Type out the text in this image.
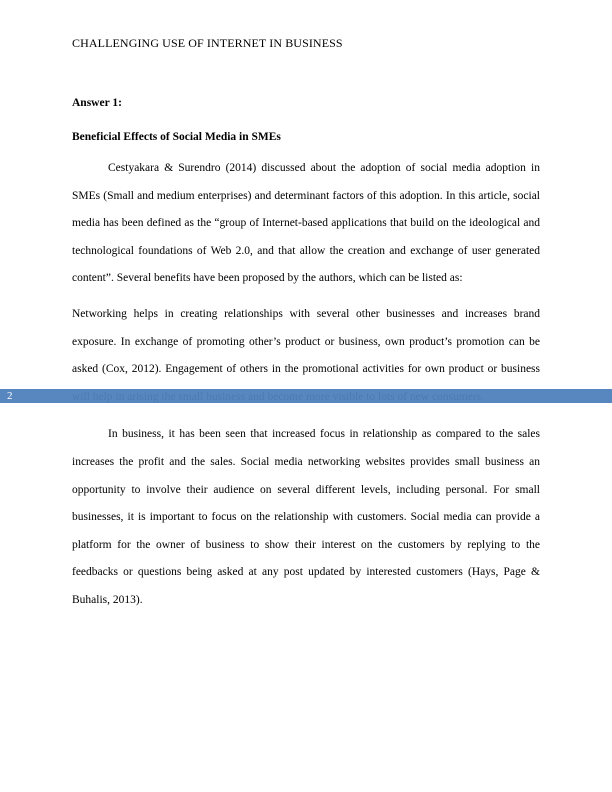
CHALLENGING USE OF INTERNET IN BUSINESS

Answer 1:

Beneficial Effects of Social Media in SMEs

Cestyakara & Surendro (2014) discussed about the adoption of social media adoption in SMEs (Small and medium enterprises) and determinant factors of this adoption. In this article, social media has been defined as the “group of Internet-based applications that build on the ideological and technological foundations of Web 2.0, and that allow the creation and exchange of user generated content”. Several benefits have been proposed by the authors, which can be listed as:

Networking helps in creating relationships with several other businesses and increases brand exposure. In exchange of promoting other’s product or business, own product’s promotion can be asked (Cox, 2012). Engagement of others in the promotional activities for own product or business

In business, it has been seen that increased focus in relationship as compared to the sales increases the profit and the sales. Social media networking websites provides small business an opportunity to involve their audience on several different levels, including personal. For small businesses, it is important to focus on the relationship with customers. Social media can provide a platform for the owner of business to show their interest on the customers by replying to the feedbacks or questions being asked at any post updated by interested customers (Hays, Page & Buhalis, 2013).

2
